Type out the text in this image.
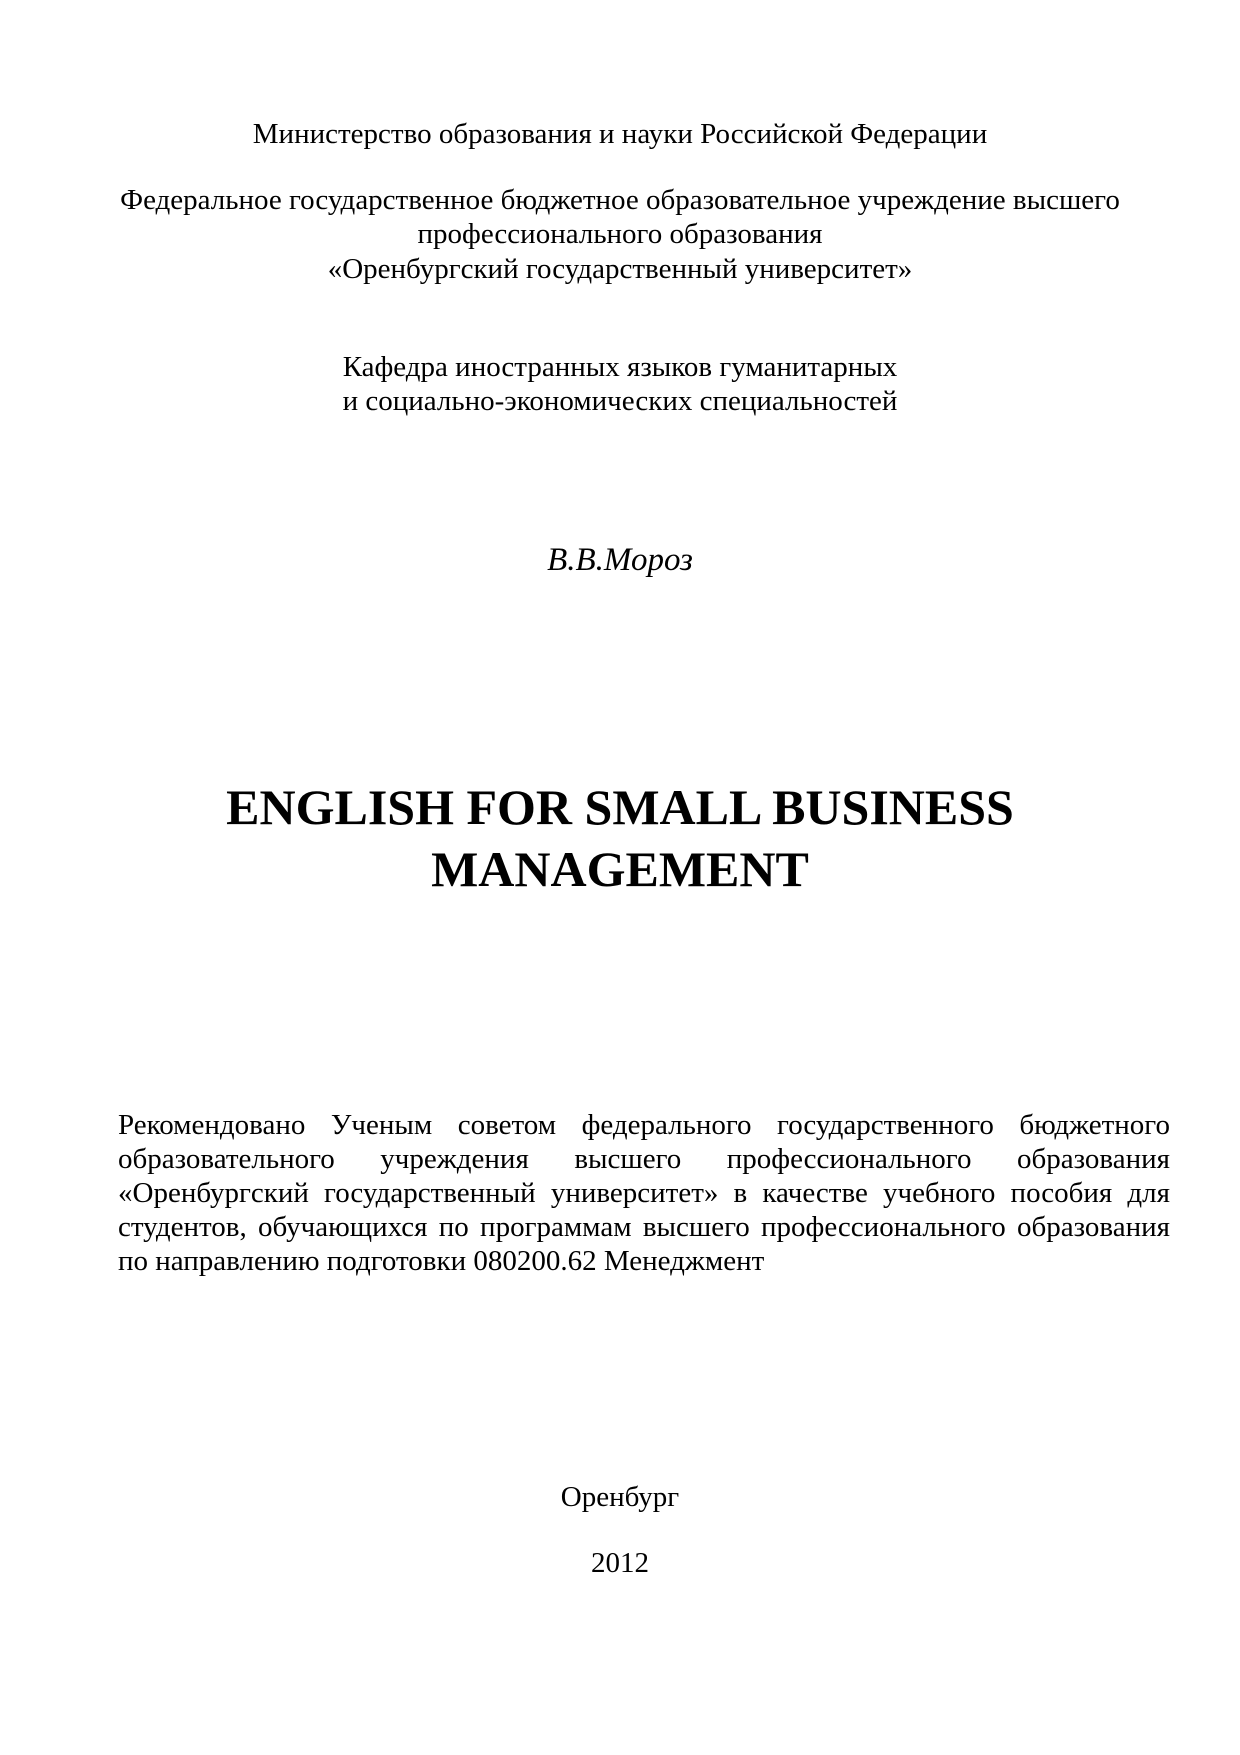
Министерство образования и науки Российской Федерации
Федеральное государственное бюджетное образовательное учреждение высшего
профессионального образования
«Оренбургский государственный университет»
Кафедра иностранных языков гуманитарных
и социально-экономических специальностей
В.В.Мороз
ENGLISH FOR SMALL BUSINESS
MANAGEMENT
Рекомендовано Ученым советом федерального государственного бюджетного
образовательного учреждения высшего профессионального образования
«Оренбургский государственный университет» в качестве учебного пособия для
студентов, обучающихся по программам высшего профессионального образования
по направлению подготовки 080200.62 Менеджмент
Оренбург
2012
